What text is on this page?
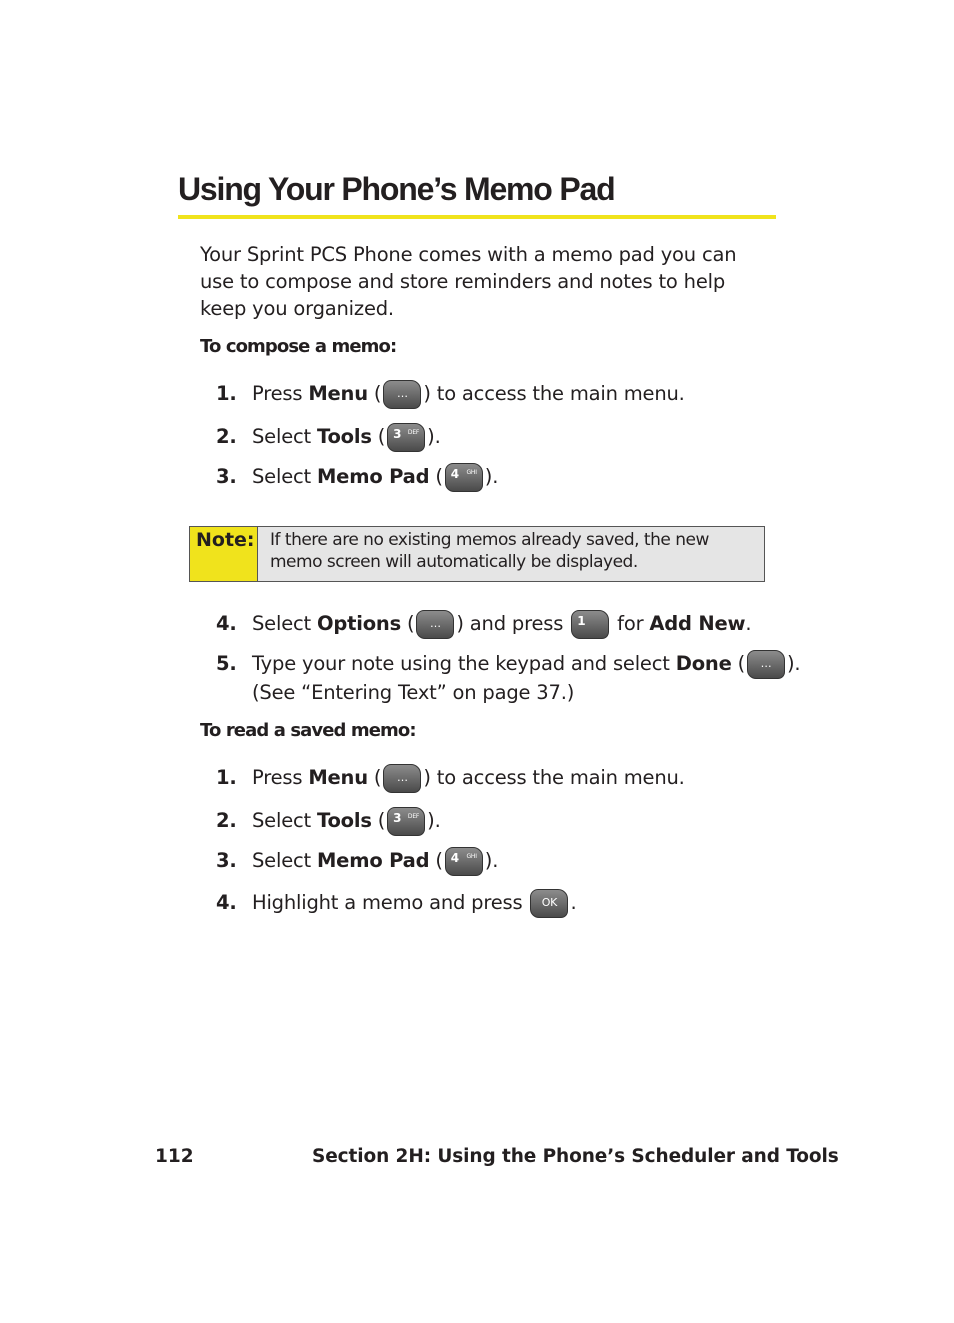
Using Your Phone’s Memo Pad

Your Sprint PCS Phone comes with a memo pad you can use to compose and store reminders and notes to help keep you organized.

To compose a memo:

1. Press Menu (	… ) to access the main menu.
2. Select Tools ( 3 DEF ).
3. Select Memo Pad ( 4 GHI ).
Note: If there are no existing memos already saved, the new memo screen will automatically be displayed.

4. Select Options (	… ) and press 1 for Add New.
5. Type your note using the keypad and select Done (	… ).
(See “Entering Text” on page 37.)

To read a saved memo:

1. Press Menu (	… ) to access the main menu.
2. Select Tools ( 3 DEF ).
3. Select Memo Pad ( 4 GHI ).
4. Highlight a memo and press	OK .
112	Section 2H: Using the Phone’s Scheduler and Tools
